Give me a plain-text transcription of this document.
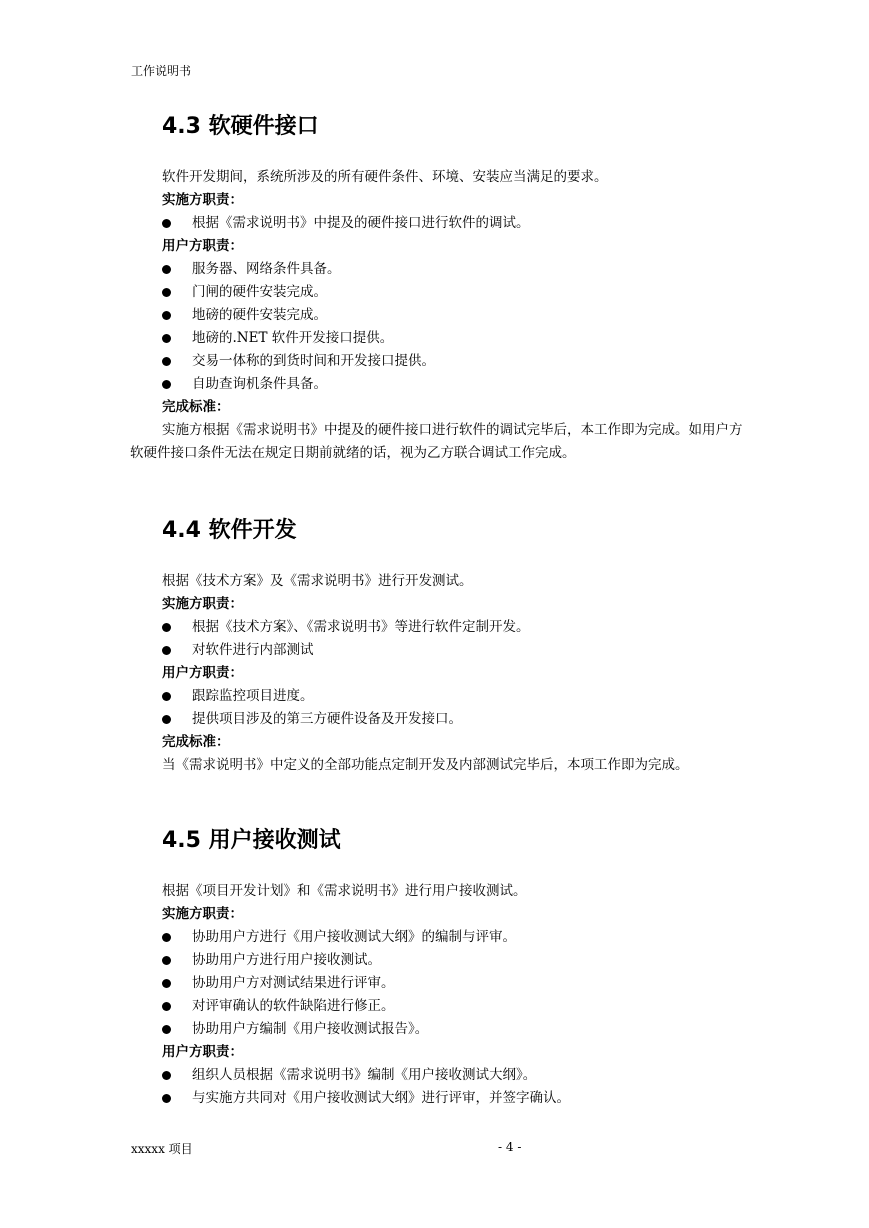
工作说明书
4.3 软硬件接口
软件开发期间，系统所涉及的所有硬件条件、环境、安装应当满足的要求。
实施方职责：
根据《需求说明书》中提及的硬件接口进行软件的调试。
用户方职责：
服务器、网络条件具备。
门闸的硬件安装完成。
地磅的硬件安装完成。
地磅的.NET 软件开发接口提供。
交易一体称的到货时间和开发接口提供。
自助查询机条件具备。
完成标准：
实施方根据《需求说明书》中提及的硬件接口进行软件的调试完毕后，本工作即为完成。如用户方软硬件接口条件无法在规定日期前就绪的话，视为乙方联合调试工作完成。
4.4 软件开发
根据《技术方案》及《需求说明书》进行开发测试。
实施方职责：
根据《技术方案》、《需求说明书》等进行软件定制开发。
对软件进行内部测试
用户方职责：
跟踪监控项目进度。
提供项目涉及的第三方硬件设备及开发接口。
完成标准：
当《需求说明书》中定义的全部功能点定制开发及内部测试完毕后，本项工作即为完成。
4.5 用户接收测试
根据《项目开发计划》和《需求说明书》进行用户接收测试。
实施方职责：
协助用户方进行《用户接收测试大纲》的编制与评审。
协助用户方进行用户接收测试。
协助用户方对测试结果进行评审。
对评审确认的软件缺陷进行修正。
协助用户方编制《用户接收测试报告》。
用户方职责：
组织人员根据《需求说明书》编制《用户接收测试大纲》。
与实施方共同对《用户接收测试大纲》进行评审，并签字确认。
xxxxx 项目	- 4 -
